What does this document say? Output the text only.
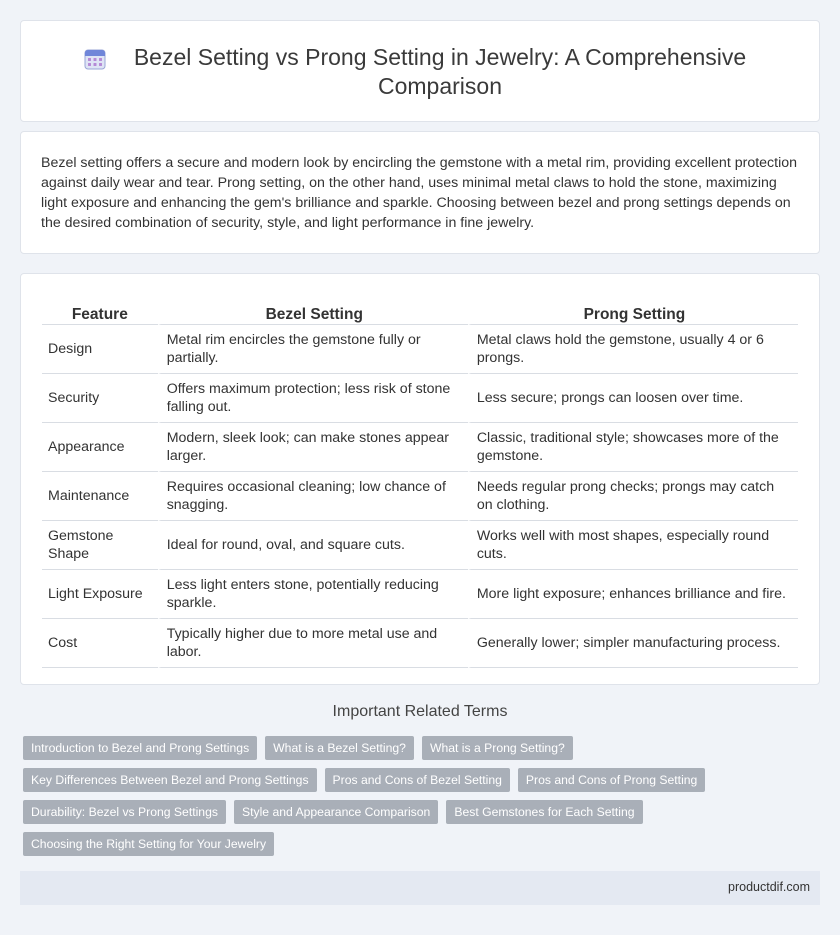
Bezel Setting vs Prong Setting in Jewelry: A Comprehensive Comparison

Bezel setting offers a secure and modern look by encircling the gemstone with a metal rim, providing excellent protection against daily wear and tear. Prong setting, on the other hand, uses minimal metal claws to hold the stone, maximizing light exposure and enhancing the gem's brilliance and sparkle. Choosing between bezel and prong settings depends on the desired combination of security, style, and light performance in fine jewelry.

Feature	Bezel Setting	Prong Setting
Design	Metal rim encircles the gemstone fully or partially.	Metal claws hold the gemstone, usually 4 or 6 prongs.
Security	Offers maximum protection; less risk of stone falling out.	Less secure; prongs can loosen over time.
Appearance	Modern, sleek look; can make stones appear larger.	Classic, traditional style; showcases more of the gemstone.
Maintenance	Requires occasional cleaning; low chance of snagging.	Needs regular prong checks; prongs may catch on clothing.
Gemstone Shape	Ideal for round, oval, and square cuts.	Works well with most shapes, especially round cuts.
Light Exposure	Less light enters stone, potentially reducing sparkle.	More light exposure; enhances brilliance and fire.
Cost	Typically higher due to more metal use and labor.	Generally lower; simpler manufacturing process.
Important Related Terms
Introduction to Bezel and Prong Settings	What is a Bezel Setting?	What is a Prong Setting?
Key Differences Between Bezel and Prong Settings	Pros and Cons of Bezel Setting	Pros and Cons of Prong Setting
Durability: Bezel vs Prong Settings	Style and Appearance Comparison	Best Gemstones for Each Setting
Choosing the Right Setting for Your Jewelry
productdif.com
